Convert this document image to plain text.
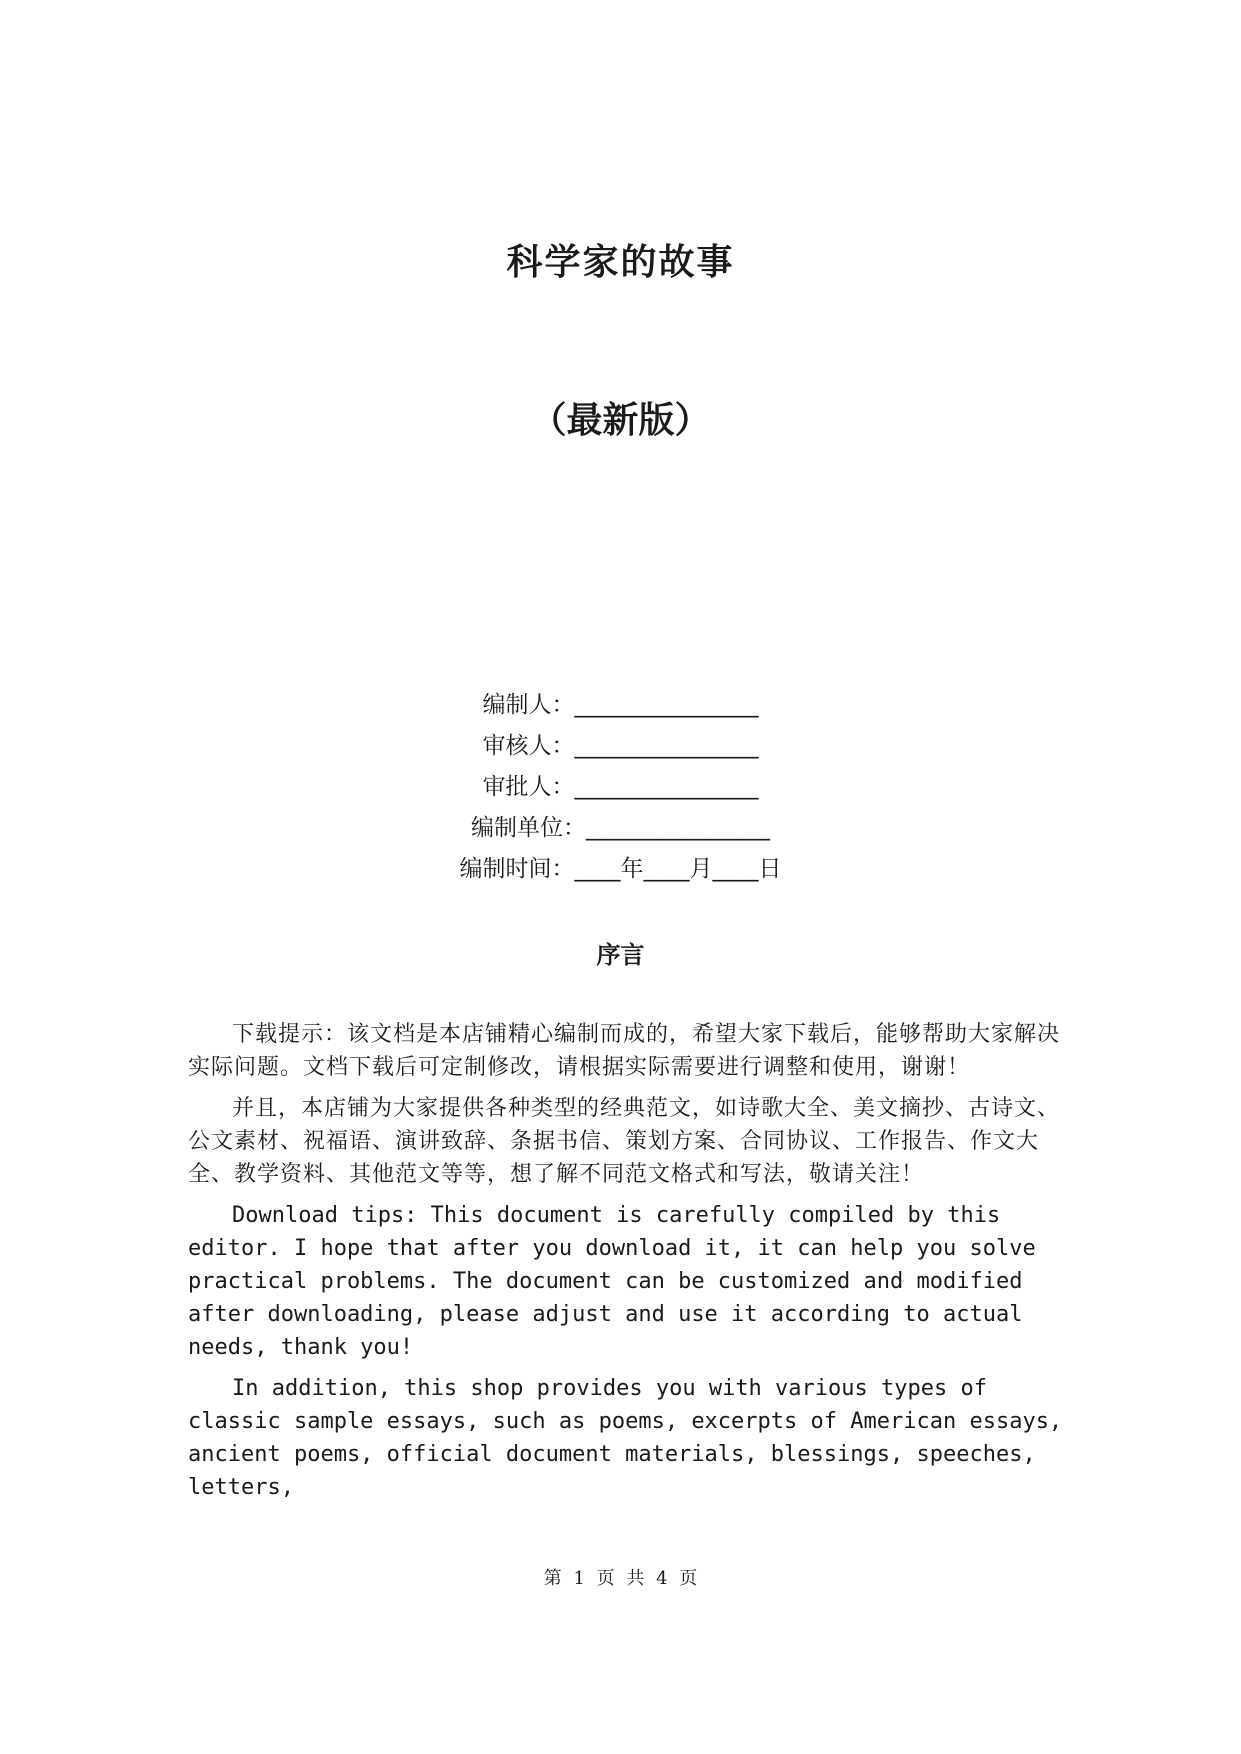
科学家的故事
（最新版）
编制人： ________________
审核人： ________________
审批人： ________________
编制单位： ________________
编制时间： ____年____月____日
序言

下载提示：该文档是本店铺精心编制而成的，希望大家下载后，能够帮助大家解决实际问题。文档下载后可定制修改，请根据实际需要进行调整和使用，谢谢！

并且，本店铺为大家提供各种类型的经典范文，如诗歌大全、美文摘抄、古诗文、公文素材、祝福语、演讲致辞、条据书信、策划方案、合同协议、工作报告、作文大全、教学资料、其他范文等等，想了解不同范文格式和写法，敬请关注！

Download tips: This document is carefully compiled by this editor. I hope that after you download it, it can help you solve practical problems. The document can be customized and modified after downloading, please adjust and use it according to actual needs, thank you!

In addition, this shop provides you with various types of classic sample essays, such as poems, excerpts of American essays, ancient poems, official document materials, blessings, speeches, letters,

第 1 页 共 4 页
